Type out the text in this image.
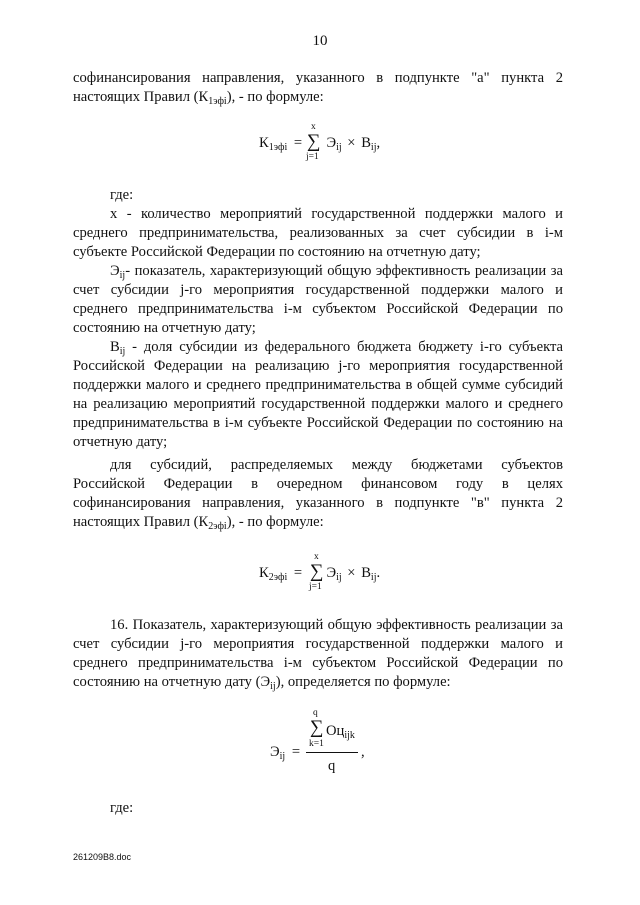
10
софинансирования направления, указанного в подпункте "а" пункта 2
настоящих Правил $(К_{1эфi})$, - по формуле:
$К_{1эфi} = Э_{ij} \times В_{ij}$,
x
∑
j=1
где:
x - количество мероприятий государственной поддержки малого и среднего предпринимательства, реализованных за счет субсидии в i-м субъекте Российской Федерации по состоянию на отчетную дату;
$Э_{ij}-$ показатель, характеризующий общую эффективность реализации за счет субсидии j-го мероприятия государственной поддержки малого и среднего предпринимательства i-м субъектом Российской Федерации по состоянию на отчетную дату;
$В_{ij}$ - доля субсидии из федерального бюджета бюджету i-го субъекта Российской Федерации на реализацию j-го мероприятия государственной поддержки малого и среднего предпринимательства в общей сумме субсидий на реализацию мероприятий государственной поддержки малого и среднего предпринимательства в i-м субъекте Российской Федерации по состоянию на отчетную дату;
для субсидий, распределяемых между бюджетами субъектов Российской Федерации в очередном финансовом году в целях софинансирования направления, указанного в подпункте "в" пункта 2 настоящих Правил $(К_{2эфi})$, - по формуле:
$К_{2эфi} = Э_{ij} \times В_{ij}$.
x
∑
j=1
16. Показатель, характеризующий общую эффективность реализации за счет субсидии j-го мероприятия государственной поддержки малого и среднего предпринимательства i-м субъектом Российской Федерации по состоянию на отчетную дату $(Э_{ij})$, определяется по формуле:
$Э_{ij}$ =
q
∑ $Оц_{ijk}$
k=1
q
,
где:
261209В8.doc
